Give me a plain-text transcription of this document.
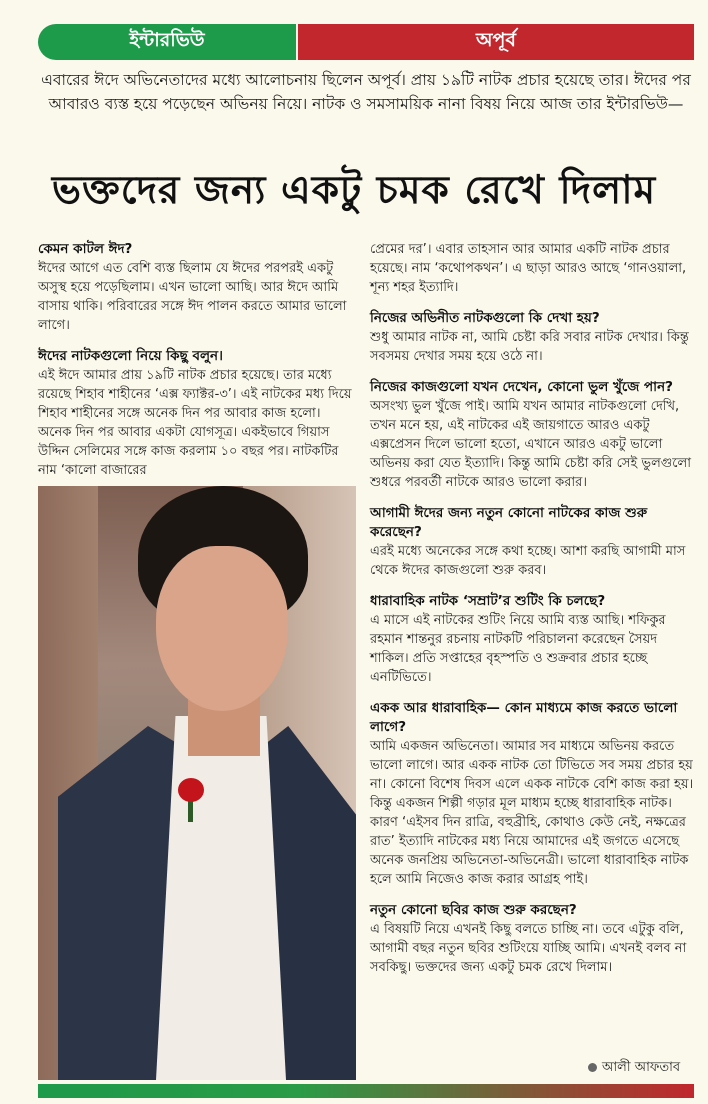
ইন্টারভিউ	অপূর্ব
এবারের ঈদে অভিনেতাদের মধ্যে আলোচনায় ছিলেন অপূর্ব। প্রায় ১৯টি নাটক প্রচার হয়েছে তার। ঈদের পর আবারও ব্যস্ত হয়ে পড়েছেন অভিনয় নিয়ে। নাটক ও সমসাময়িক নানা বিষয় নিয়ে আজ তার ইন্টারভিউ—
ভক্তদের জন্য একটু চমক রেখে দিলাম

কেমন কাটল ঈদ?

ঈদের আগে এত বেশি ব্যস্ত ছিলাম যে ঈদের পরপরই একটু অসুস্থ হয়ে পড়েছিলাম। এখন ভালো আছি। আর ঈদে আমি বাসায় থাকি। পরিবারের সঙ্গে ঈদ পালন করতে আমার ভালো লাগে।

ঈদের নাটকগুলো নিয়ে কিছু বলুন।

এই ঈদে আমার প্রায় ১৯টি নাটক প্রচার হয়েছে। তার মধ্যে রয়েছে শিহাব শাহীনের ‘এক্স ফ্যাক্টর-৩’। এই নাটকের মধ্য দিয়ে শিহাব শাহীনের সঙ্গে অনেক দিন পর আবার কাজ হলো। অনেক দিন পর আবার একটা যোগসূত্র। একইভাবে গিয়াস উদ্দিন সেলিমের সঙ্গে কাজ করলাম ১০ বছর পর। নাটকটির নাম ‘কালো বাজারের

প্রেমের দর’। এবার তাহসান আর আমার একটি নাটক প্রচার হয়েছে। নাম ‘কথোপকথন’। এ ছাড়া আরও আছে ‘গানওয়ালা, শূন্য শহর ইত্যাদি।

নিজের অভিনীত নাটকগুলো কি দেখা হয়?

শুধু আমার নাটক না, আমি চেষ্টা করি সবার নাটক দেখার। কিন্তু সবসময় দেখার সময় হয়ে ওঠে না।

নিজের কাজগুলো যখন দেখেন, কোনো ভুল খুঁজে পান?

অসংখ্য ভুল খুঁজে পাই। আমি যখন আমার নাটকগুলো দেখি, তখন মনে হয়, এই নাটকের এই জায়গাতে আরও একটু এক্সপ্রেসন দিলে ভালো হতো, এখানে আরও একটু ভালো অভিনয় করা যেত ইত্যাদি। কিন্তু আমি চেষ্টা করি সেই ভুলগুলো শুধরে পরবর্তী নাটকে আরও ভালো করার।

আগামী ঈদের জন্য নতুন কোনো নাটকের কাজ শুরু করেছেন?

এরই মধ্যে অনেকের সঙ্গে কথা হচ্ছে। আশা করছি আগামী মাস থেকে ঈদের কাজগুলো শুরু করব।

ধারাবাহিক নাটক ‘সম্রাট’র শুটিং কি চলছে?

এ মাসে এই নাটকের শুটিং নিয়ে আমি ব্যস্ত আছি। শফিকুর রহমান শান্তনুর রচনায় নাটকটি পরিচালনা করেছেন সৈয়দ শাকিল। প্রতি সপ্তাহের বৃহস্পতি ও শুক্রবার প্রচার হচ্ছে এনটিভিতে।

একক আর ধারাবাহিক— কোন মাধ্যমে কাজ করতে ভালো লাগে?

আমি একজন অভিনেতা। আমার সব মাধ্যমে অভিনয় করতে ভালো লাগে। আর একক নাটক তো টিভিতে সব সময় প্রচার হয় না। কোনো বিশেষ দিবস এলে একক নাটকে বেশি কাজ করা হয়। কিন্তু একজন শিল্পী গড়ার মূল মাধ্যম হচ্ছে ধারাবাহিক নাটক। কারণ ‘এইসব দিন রাত্রি, বহুব্রীহি, কোথাও কেউ নেই, নক্ষত্রের রাত’ ইত্যাদি নাটকের মধ্য নিয়ে আমাদের এই জগতে এসেছে অনেক জনপ্রিয় অভিনেতা-অভিনেত্রী। ভালো ধারাবাহিক নাটক হলে আমি নিজেও কাজ করার আগ্রহ পাই।

নতুন কোনো ছবির কাজ শুরু করছেন?

এ বিষয়টি নিয়ে এখনই কিছু বলতে চাচ্ছি না। তবে এটুকু বলি, আগামী বছর নতুন ছবির শুটিংয়ে যাচ্ছি আমি। এখনই বলব না সবকিছু। ভক্তদের জন্য একটু চমক রেখে দিলাম।

আলী আফতাব
